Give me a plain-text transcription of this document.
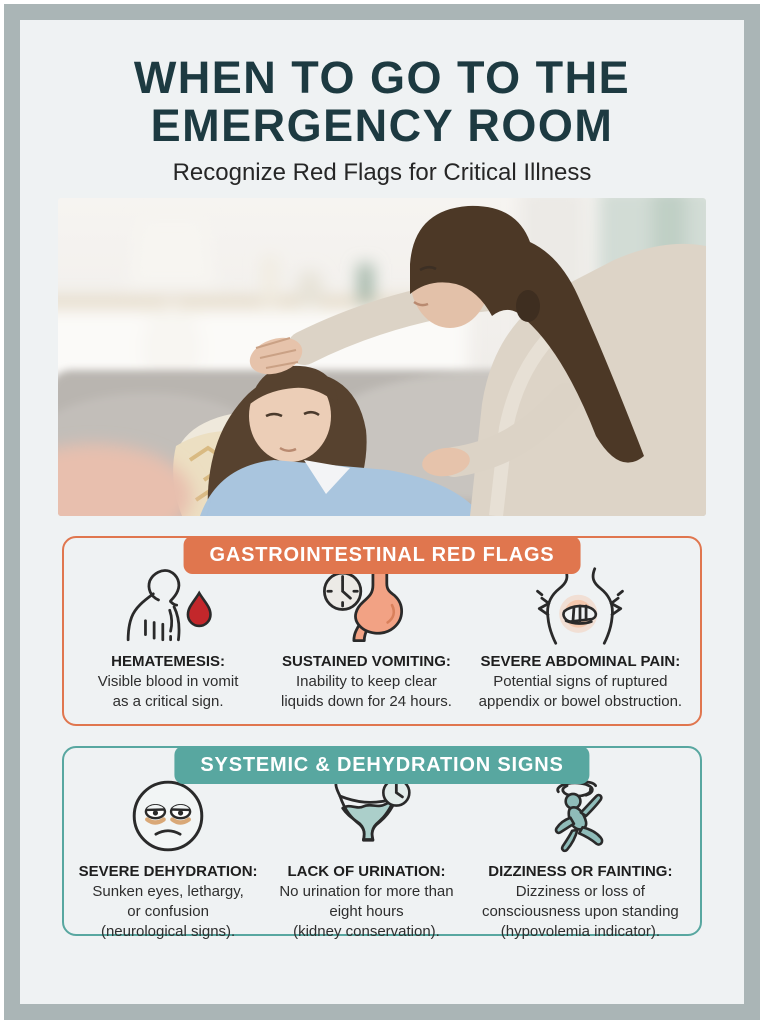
WHEN TO GO TO THE
EMERGENCY ROOM
Recognize Red Flags for Critical Illness
GASTROINTESTINAL RED FLAGS
HEMATEMESIS:
Visible blood in vomit
as a critical sign.
SUSTAINED VOMITING:
Inability to keep clear
liquids down for 24 hours.
SEVERE ABDOMINAL PAIN:
Potential signs of ruptured
appendix or bowel obstruction.
SYSTEMIC & DEHYDRATION SIGNS
SEVERE DEHYDRATION:
Sunken eyes, lethargy,
or confusion
(neurological signs).
LACK OF URINATION:
No urination for more than
eight hours
(kidney conservation).
DIZZINESS OR FAINTING:
Dizziness or loss of
consciousness upon standing
(hypovolemia indicator).
